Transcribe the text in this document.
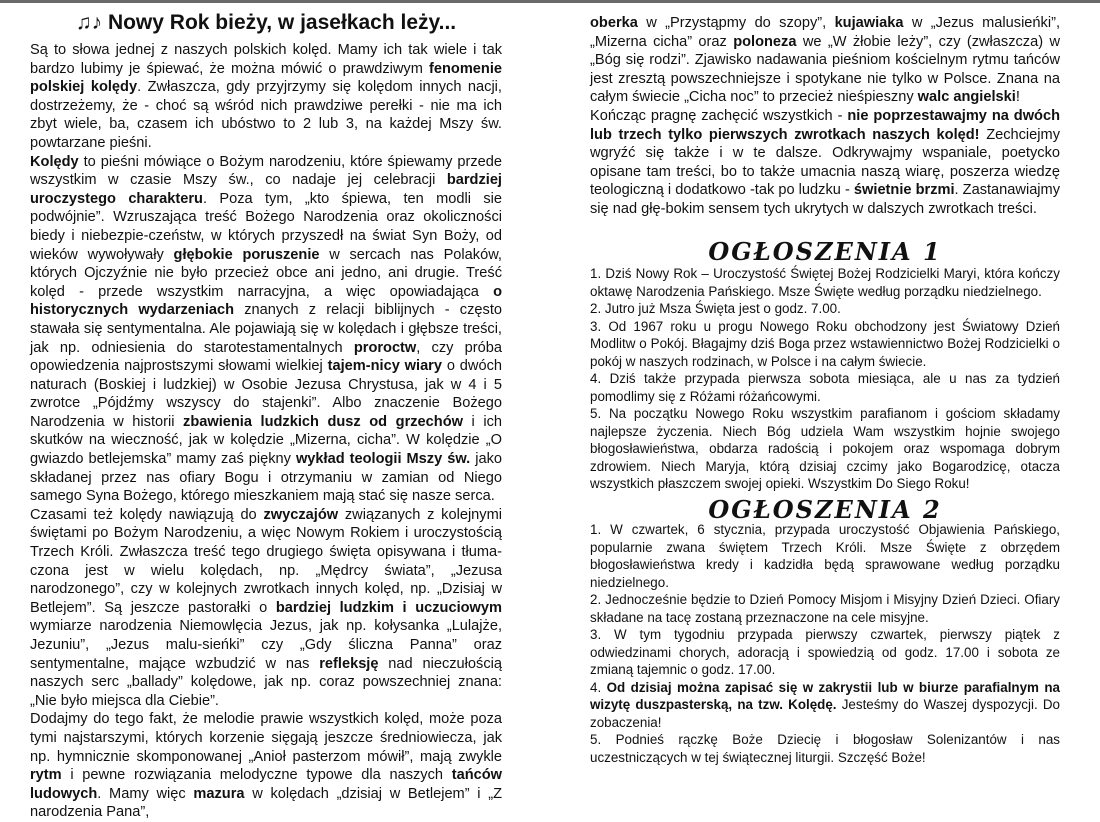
♫♪ Nowy Rok bieży, w jasełkach leży...

Są to słowa jednej z naszych polskich kolęd. Mamy ich tak wiele i tak bardzo lubimy je śpiewać, że można mówić o prawdziwym fenomenie polskiej kolędy. Zwłaszcza, gdy przyjrzymy się kolędom innych nacji, dostrzeżemy, że - choć są wśród nich prawdziwe perełki - nie ma ich zbyt wiele, ba, czasem ich ubóstwo to 2 lub 3, na każdej Mszy św. powtarzane pieśni.

Kolędy to pieśni mówiące o Bożym narodzeniu, które śpiewamy przede wszystkim w czasie Mszy św., co nadaje jej celebracji bardziej uroczystego charakteru. Poza tym, „kto śpiewa, ten modli sie podwójnie”. Wzruszająca treść Bożego Narodzenia oraz okoliczności biedy i niebezpie-czeństw, w których przyszedł na świat Syn Boży, od wieków wywoływały głębokie poruszenie w sercach nas Polaków, których Ojczyźnie nie było przecież obce ani jedno, ani drugie. Treść kolęd - przede wszystkim narracyjna, a więc opowiadająca o historycznych wydarzeniach znanych z relacji biblijnych - często stawała się sentymentalna. Ale pojawiają się w kolędach i głębsze treści, jak np. odniesienia do starotestamentalnych proroctw, czy próba opowiedzenia najprostszymi słowami wielkiej tajem-nicy wiary o dwóch naturach (Boskiej i ludzkiej) w Osobie Jezusa Chrystusa, jak w 4 i 5 zwrotce „Pójdźmy wszyscy do stajenki”. Albo znaczenie Bożego Narodzenia w historii zbawienia ludzkich dusz od grzechów i ich skutków na wieczność, jak w kolędzie „Mizerna, cicha”. W kolędzie „O gwiazdo betlejemska” mamy zaś piękny wykład teologii Mszy św. jako składanej przez nas ofiary Bogu i otrzymaniu w zamian od Niego samego Syna Bożego, którego mieszkaniem mają stać się nasze serca.

Czasami też kolędy nawiązują do zwyczajów związanych z kolejnymi świętami po Bożym Narodzeniu, a więc Nowym Rokiem i uroczystością Trzech Króli. Zwłaszcza treść tego drugiego święta opisywana i tłuma-czona jest w wielu kolędach, np. „Mędrcy świata”, „Jezusa narodzonego”, czy w kolejnych zwrotkach innych kolęd, np. „Dzisiaj w Betlejem”. Są jeszcze pastorałki o bardziej ludzkim i uczuciowym wymiarze narodzenia Niemowlęcia Jezus, jak np. kołysanka „Lulajże, Jezuniu”, „Jezus malu-sieńki” czy „Gdy śliczna Panna” oraz sentymentalne, mające wzbudzić w nas refleksję nad nieczułością naszych serc „ballady” kolędowe, jak np. coraz powszechniej znana: „Nie było miejsca dla Ciebie”.

Dodajmy do tego fakt, że melodie prawie wszystkich kolęd, może poza tymi najstarszymi, których korzenie sięgają jeszcze średniowiecza, jak np. hymnicznie skomponowanej „Anioł pasterzom mówił”, mają zwykle rytm i pewne rozwiązania melodyczne typowe dla naszych tańców ludowych. Mamy więc mazura w kolędach „dzisiaj w Betlejem” i „Z narodzenia Pana”,

oberka w „Przystąpmy do szopy”, kujawiaka w „Jezus malusieńki”, „Mizerna cicha” oraz poloneza we „W żłobie leży”, czy (zwłaszcza) w „Bóg się rodzi”. Zjawisko nadawania pieśniom kościelnym rytmu tańców jest zresztą powszechniejsze i spotykane nie tylko w Polsce. Znana na całym świecie „Cicha noc” to przecież nieśpieszny walc angielski!

Kończąc pragnę zachęcić wszystkich - nie poprzestawajmy na dwóch lub trzech tylko pierwszych zwrotkach naszych kolęd! Zechciejmy wgryźć się także i w te dalsze. Odkrywajmy wspaniale, poetycko opisane tam treści, bo to także umacnia naszą wiarę, poszerza wiedzę teologiczną i dodatkowo -tak po ludzku - świetnie brzmi. Zastanawiajmy się nad głę-bokim sensem tych ukrytych w dalszych zwrotkach treści.

OGŁOSZENIA 1

1. Dziś Nowy Rok – Uroczystość Świętej Bożej Rodzicielki Maryi, która kończy oktawę Narodzenia Pańskiego. Msze Święte według porządku niedzielnego.

2. Jutro już Msza Święta jest o godz. 7.00.

3. Od 1967 roku u progu Nowego Roku obchodzony jest Światowy Dzień Modlitw o Pokój. Błagajmy dziś Boga przez wstawiennictwo Bożej Rodzicielki o pokój w naszych rodzinach, w Polsce i na całym świecie.

4. Dziś także przypada pierwsza sobota miesiąca, ale u nas za tydzień pomodlimy się z Różami różańcowymi.

5. Na początku Nowego Roku wszystkim parafianom i gościom składamy najlepsze życzenia. Niech Bóg udziela Wam wszystkim hojnie swojego błogosławieństwa, obdarza radością i pokojem oraz wspomaga dobrym zdrowiem. Niech Maryja, którą dzisiaj czcimy jako Bogarodzicę, otacza wszystkich płaszczem swojej opieki. Wszystkim Do Siego Roku!

OGŁOSZENIA 2

1. W czwartek, 6 stycznia, przypada uroczystość Objawienia Pańskiego, popularnie zwana świętem Trzech Króli. Msze Święte z obrzędem błogosławieństwa kredy i kadzidła będą sprawowane według porządku niedzielnego.

2. Jednocześnie będzie to Dzień Pomocy Misjom i Misyjny Dzień Dzieci. Ofiary składane na tacę zostaną przeznaczone na cele misyjne.

3. W tym tygodniu przypada pierwszy czwartek, pierwszy piątek z odwiedzinami chorych, adoracją i spowiedzią od godz. 17.00 i sobota ze zmianą tajemnic o godz. 17.00.

4. Od dzisiaj można zapisać się w zakrystii lub w biurze parafialnym na wizytę duszpasterską, na tzw. Kolędę. Jesteśmy do Waszej dyspozycji. Do zobaczenia!

5. Podnieś rączkę Boże Dziecię i błogosław Solenizantów i nas uczestniczących w tej świątecznej liturgii. Szczęść Boże!
